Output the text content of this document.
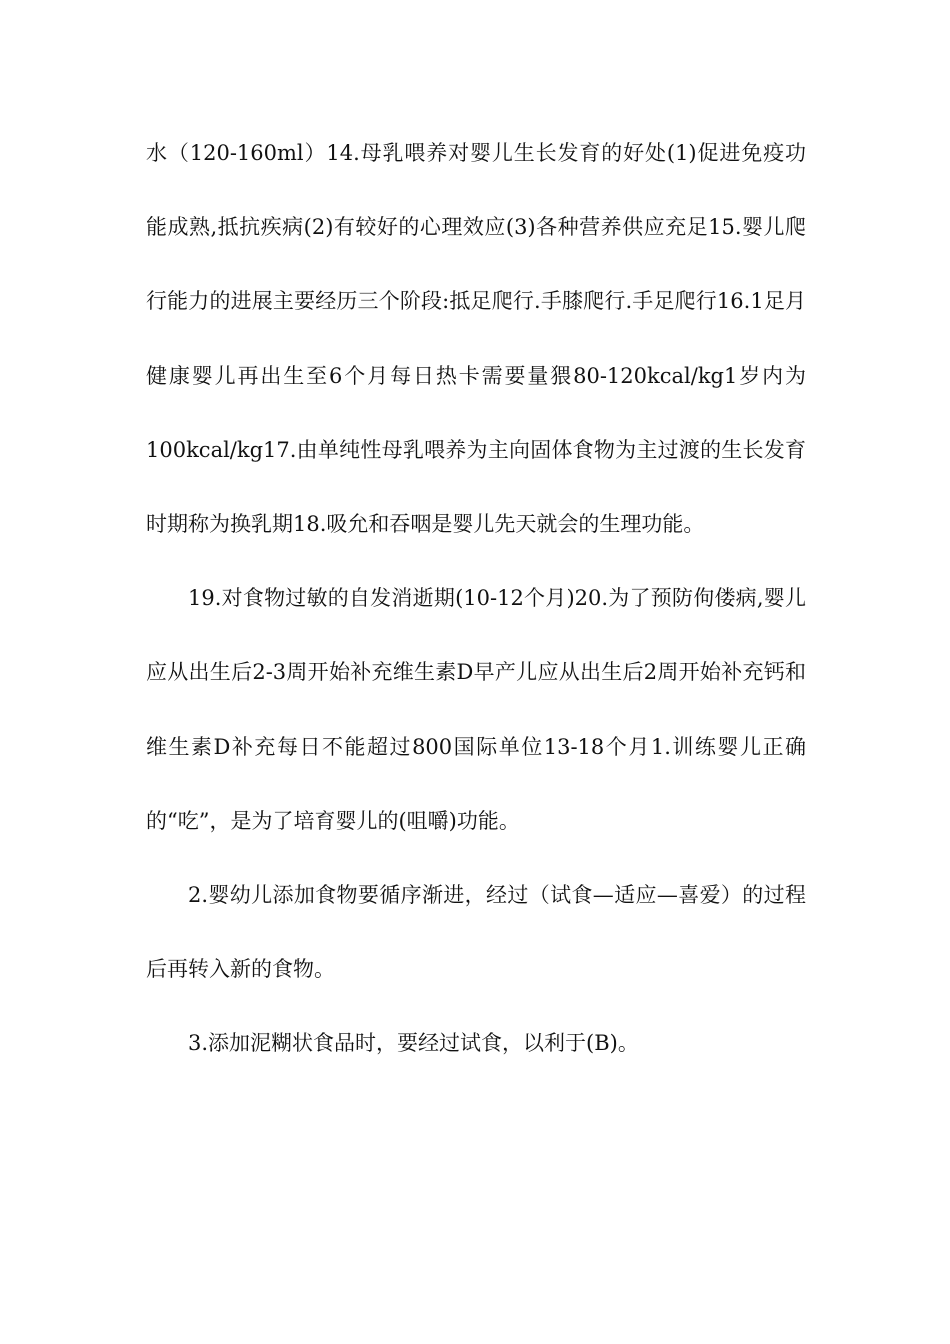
水（120-160ml）14.母乳喂养对婴儿生长发育的好处(1)促进免疫功能成熟,抵抗疾病(2)有较好的心理效应(3)各种营养供应充足15.婴儿爬行能力的进展主要经历三个阶段:抵足爬行.手膝爬行.手足爬行16.1足月健康婴儿再出生至6个月每日热卡需要量猥80-120kcal/kg1岁内为100kcal/kg17.由单纯性母乳喂养为主向固体食物为主过渡的生长发育时期称为换乳期18.吸允和吞咽是婴儿先天就会的生理功能。

19.对食物过敏的自发消逝期(10-12个月)20.为了预防佝偻病,婴儿应从出生后2-3周开始补充维生素D早产儿应从出生后2周开始补充钙和维生素D补充每日不能超过800国际单位13-18个月1.训练婴儿正确的“吃”，是为了培育婴儿的(咀嚼)功能。

2.婴幼儿添加食物要循序渐进，经过（试食—适应—喜爱）的过程后再转入新的食物。

3.添加泥糊状食品时，要经过试食，以利于(B)。
